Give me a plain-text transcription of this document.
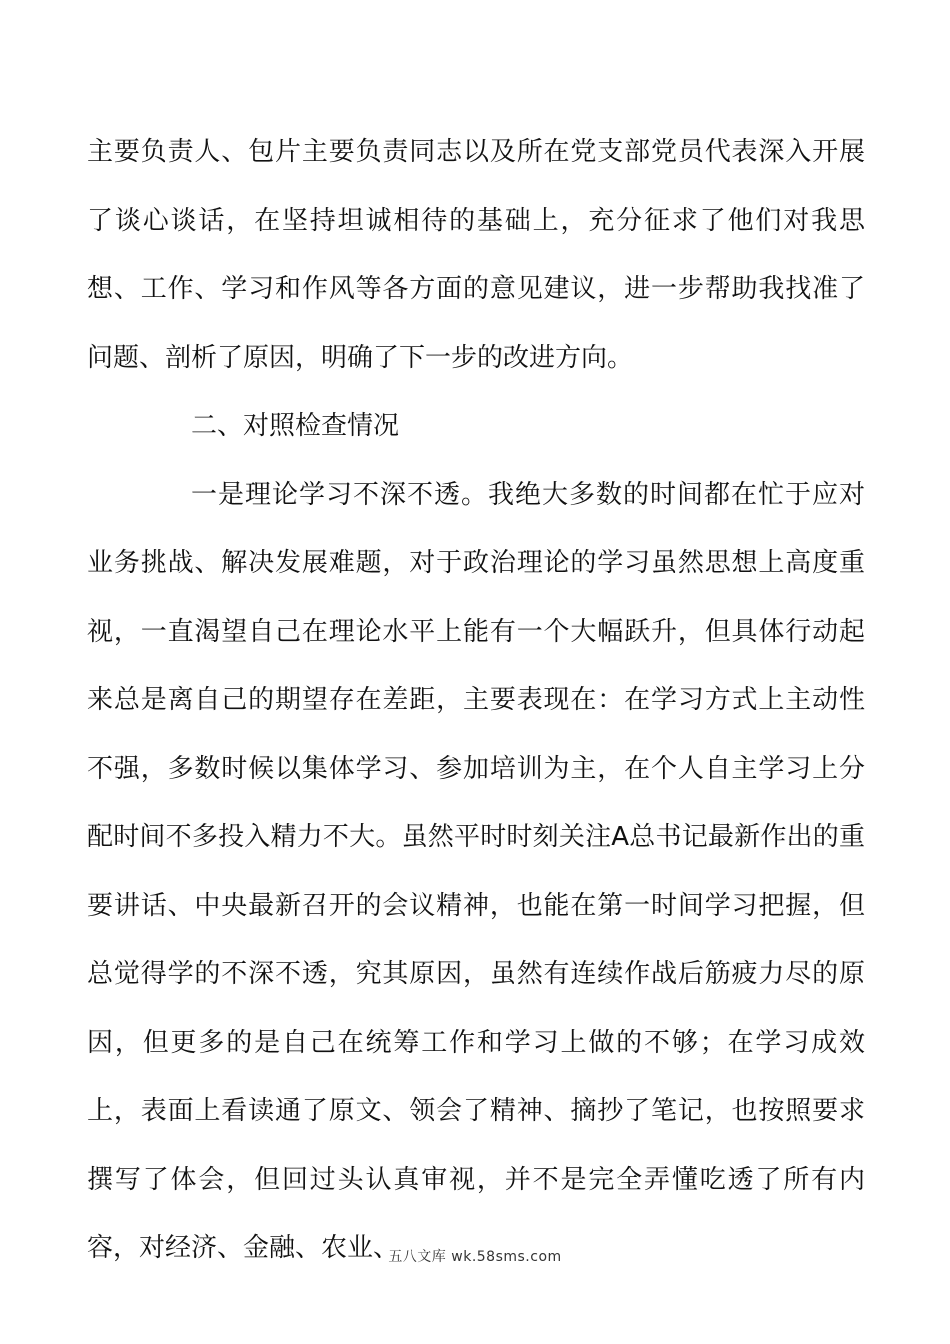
主要负责人、包片主要负责同志以及所在党支部党员代表深入开展了谈心谈话，在坚持坦诚相待的基础上，充分征求了他们对我思想、工作、学习和作风等各方面的意见建议，进一步帮助我找准了问题、剖析了原因，明确了下一步的改进方向。

二、对照检查情况

一是理论学习不深不透。我绝大多数的时间都在忙于应对业务挑战、解决发展难题，对于政治理论的学习虽然思想上高度重视，一直渴望自己在理论水平上能有一个大幅跃升，但具体行动起来总是离自己的期望存在差距，主要表现在：在学习方式上主动性不强，多数时候以集体学习、参加培训为主，在个人自主学习上分配时间不多投入精力不大。虽然平时时刻关注A总书记最新作出的重要讲话、中央最新召开的会议精神，也能在第一时间学习把握，但总觉得学的不深不透，究其原因，虽然有连续作战后筋疲力尽的原因，但更多的是自己在统筹工作和学习上做的不够；在学习成效上，表面上看读通了原文、领会了精神、摘抄了笔记，也按照要求撰写了体会，但回过头认真审视，并不是完全弄懂吃透了所有内容，对经济、金融、农业、

五八文库 wk.58sms.com
